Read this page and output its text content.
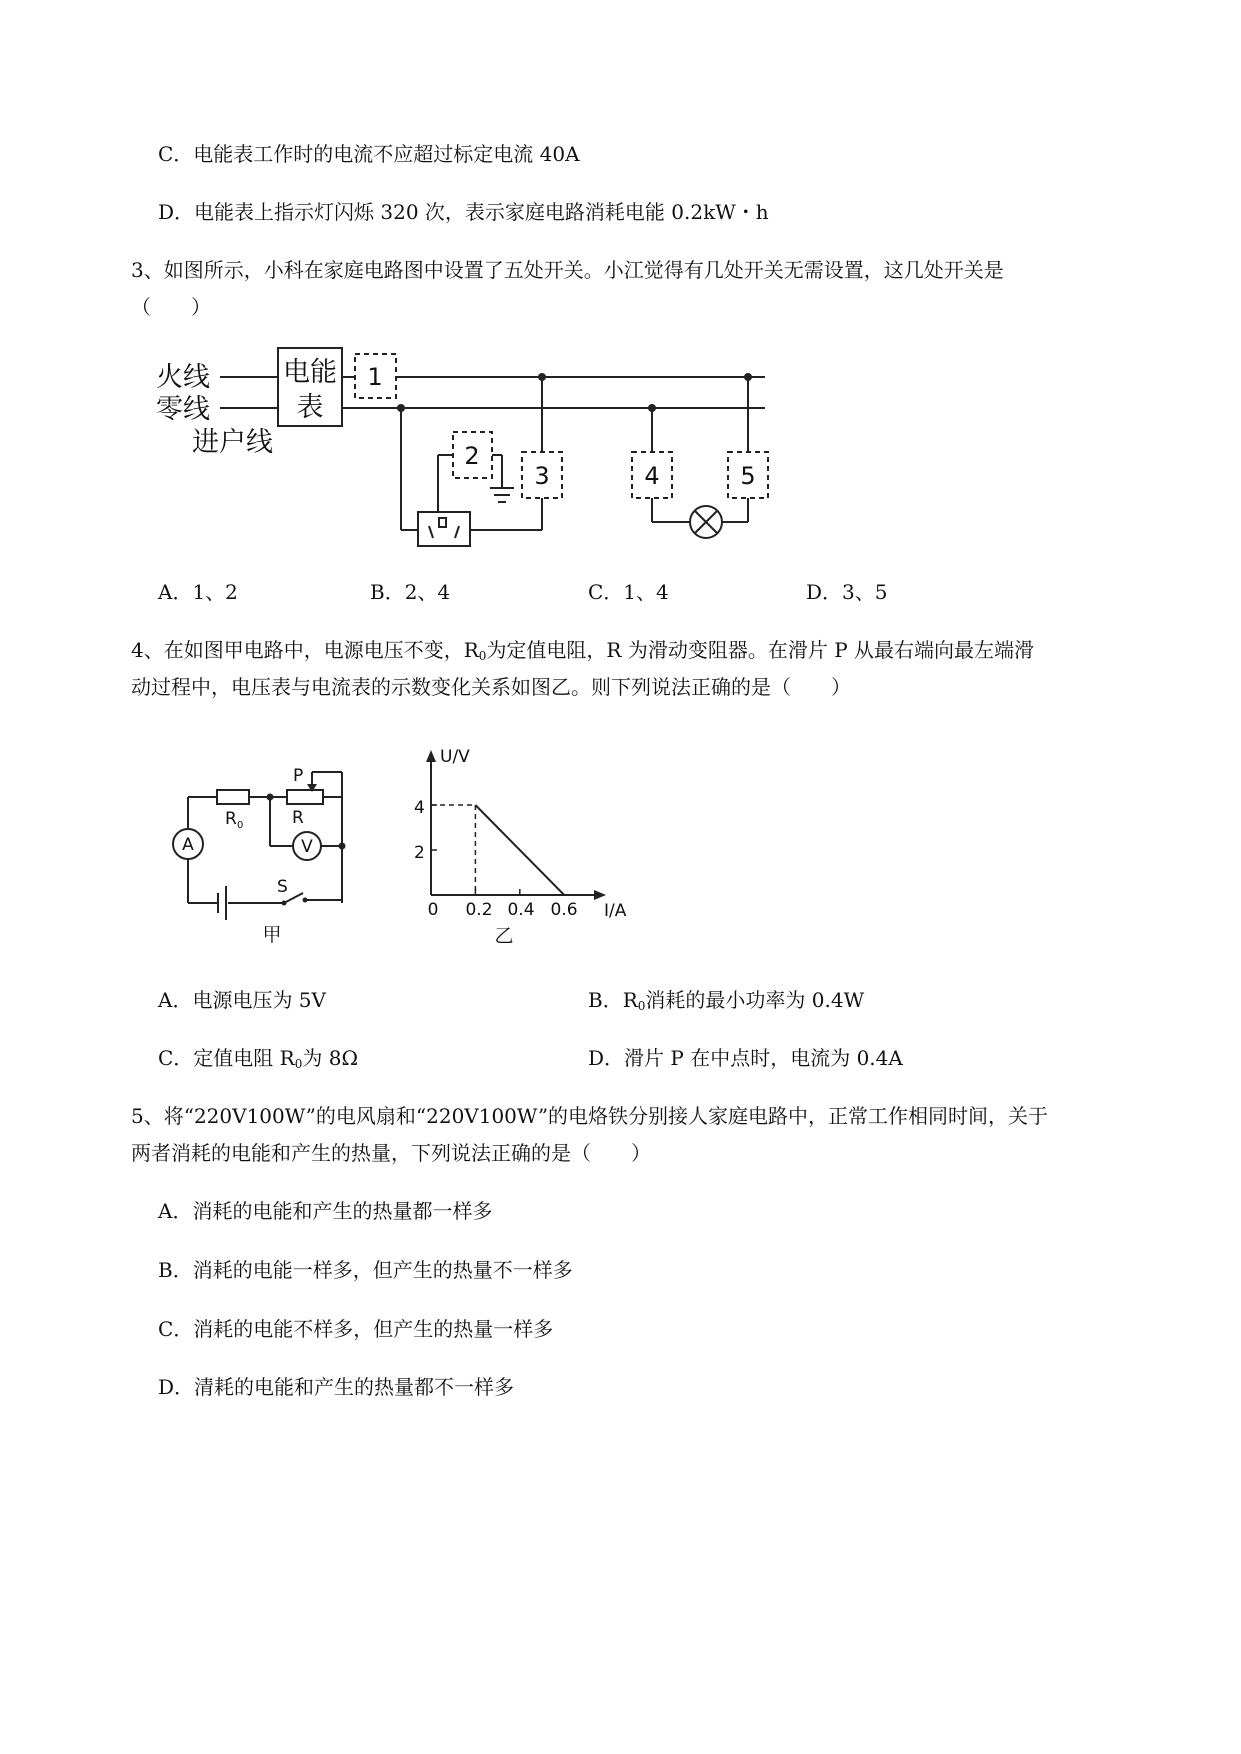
C．电能表工作时的电流不应超过标定电流 40A
D．电能表上指示灯闪烁 320 次，表示家庭电路消耗电能 0.2kW・h
3、如图所示，小科在家庭电路图中设置了五处开关。小江觉得有几处开关无需设置，这几处开关是
（　　）
火线
零线
进户线
电能
表
1
2
3	4	5
A．1、2	B．2、4	C．1、4	D．3、5
4、在如图甲电路中，电源电压不变，$R_0$为定值电阻，R 为滑动变阻器。在滑片 P 从最右端向最左端滑
动过程中，电压表与电流表的示数变化关系如图乙。则下列说法正确的是（　　）
A	V
R 0	R
P
S
甲
U/V
I/A
0 0.2 0.4 0.6
2
4
乙
A．电源电压为 5V	B．$R_0$消耗的最小功率为 0.4W
C．定值电阻 $R_0$为 8Ω	D．滑片 P 在中点时，电流为 0.4A
5、将“220V100W”的电风扇和“220V100W”的电烙铁分别接人家庭电路中，正常工作相同时间，关于
两者消耗的电能和产生的热量，下列说法正确的是（　　）
A．消耗的电能和产生的热量都一样多
B．消耗的电能一样多，但产生的热量不一样多
C．消耗的电能不样多，但产生的热量一样多
D．清耗的电能和产生的热量都不一样多
